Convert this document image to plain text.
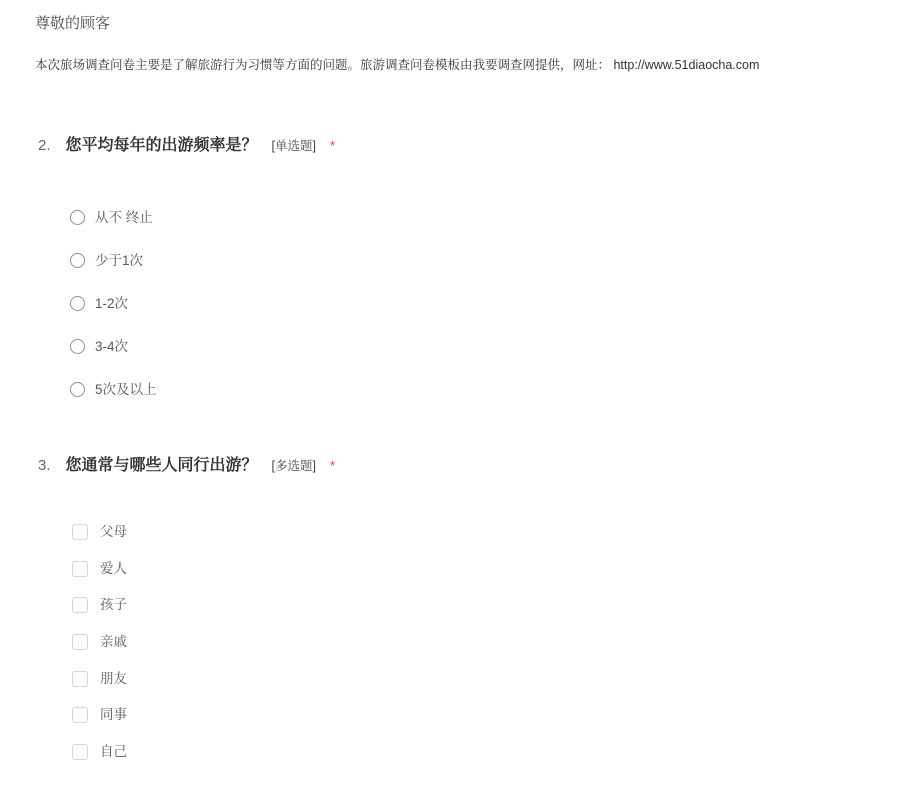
尊敬的顾客

本次旅场调查问卷主要是了解旅游行为习惯等方面的问题。旅游调查问卷模板由我要调查网提供，网址： http://www.51diaocha.com

2. 您平均每年的出游频率是？ [单选题] *
从不 终止
少于1次
1-2次
3-4次
5次及以上
3. 您通常与哪些人同行出游？ [多选题] *
父母
爱人
孩子
亲戚
朋友
同事
自己
